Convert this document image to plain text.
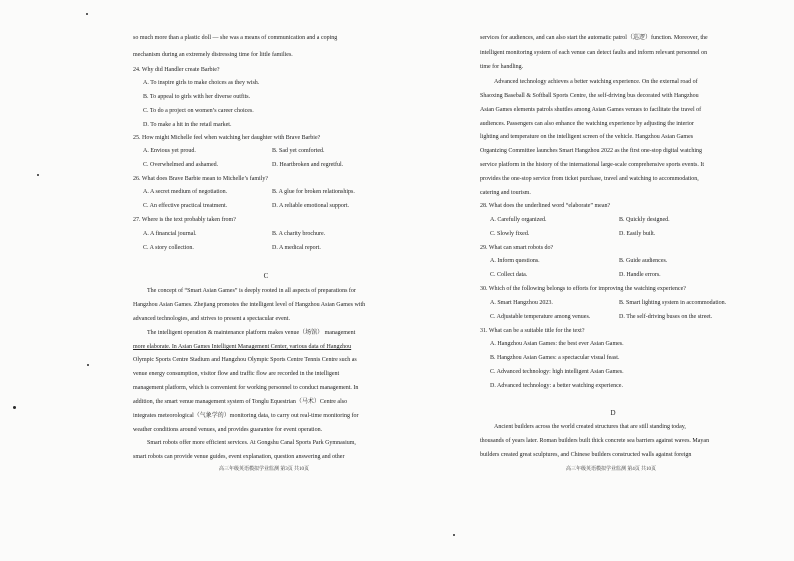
so much more than a plastic doll — she was a means of communication and a coping
mechanism during an extremely distressing time for little families.
24. Why did Handler create Barbie?
A. To inspire girls to make choices as they wish.
B. To appeal to girls with her diverse outfits.
C. To do a project on women’s career choices.
D. To make a hit in the retail market.
25. How might Michelle feel when watching her daughter with Brave Barbie?
A. Envious yet proud.	B. Sad yet comforted.
C. Overwhelmed and ashamed.	D. Heartbroken and regretful.
26. What does Brave Barbie mean to Michelle’s family?
A. A secret medium of negotiation.	B. A glue for broken relationships.
C. An effective practical treatment.	D. A reliable emotional support.
27. Where is the text probably taken from?
A. A financial journal.	B. A charity brochure.
C. A story collection.	D. A medical report.
C
The concept of “Smart Asian Games” is deeply rooted in all aspects of preparations for
Hangzhou Asian Games. Zhejiang promotes the intelligent level of Hangzhou Asian Games with
advanced technologies, and strives to present a spectacular event.
The intelligent operation & maintenance platform makes venue（场馆） management
more elaborate. In Asian Games Intelligent Management Center, various data of Hangzhou
Olympic Sports Centre Stadium and Hangzhou Olympic Sports Centre Tennis Centre such as
venue energy consumption, visitor flow and traffic flow are recorded in the intelligent
management platform, which is convenient for working personnel to conduct management. In
addition, the smart venue management system of Tonglu Equestrian（马术）Centre also
integrates meteorological（气象学的）monitoring data, to carry out real-time monitoring for
weather conditions around venues, and provides guarantee for event operation.
Smart robots offer more efficient services. At Gongshu Canal Sports Park Gymnasium,
smart robots can provide venue guides, event explanation, question answering and other
高三年级英语模拟学业监测 第3页 共10页
services for audiences, and can also start the automatic patrol（巡逻）function. Moreover, the
intelligent monitoring system of each venue can detect faults and inform relevant personnel on
time for handling.
Advanced technology achieves a better watching experience. On the external road of
Shaoxing Baseball & Softball Sports Centre, the self-driving bus decorated with Hangzhou
Asian Games elements patrols shuttles among Asian Games venues to facilitate the travel of
audiences. Passengers can also enhance the watching experience by adjusting the interior
lighting and temperature on the intelligent screen of the vehicle. Hangzhou Asian Games
Organizing Committee launches Smart Hangzhou 2022 as the first one-stop digital watching
service platform in the history of the international large-scale comprehensive sports events. It
provides the one-stop service from ticket purchase, travel and watching to accommodation,
catering and tourism.
28. What does the underlined word “elaborate” mean?
A. Carefully organized.	B. Quickly designed.
C. Slowly fixed.	D. Easily built.
29. What can smart robots do?
A. Inform questions.	B. Guide audiences.
C. Collect data.	D. Handle errors.
30. Which of the following belongs to efforts for improving the watching experience?
A. Smart Hangzhou 2023.	B. Smart lighting system in accommodation.
C. Adjustable temperature among venues.	D. The self-driving buses on the street.
31. What can be a suitable title for the text?
A. Hangzhou Asian Games: the best ever Asian Games.
B. Hangzhou Asian Games: a spectacular visual feast.
C. Advanced technology: high intelligent Asian Games.
D. Advanced technology: a better watching experience.
D
Ancient builders across the world created structures that are still standing today,
thousands of years later. Roman builders built thick concrete sea barriers against waves. Mayan
builders created great sculptures, and Chinese builders constructed walls against foreign
高三年级英语模拟学业监测 第4页 共10页
